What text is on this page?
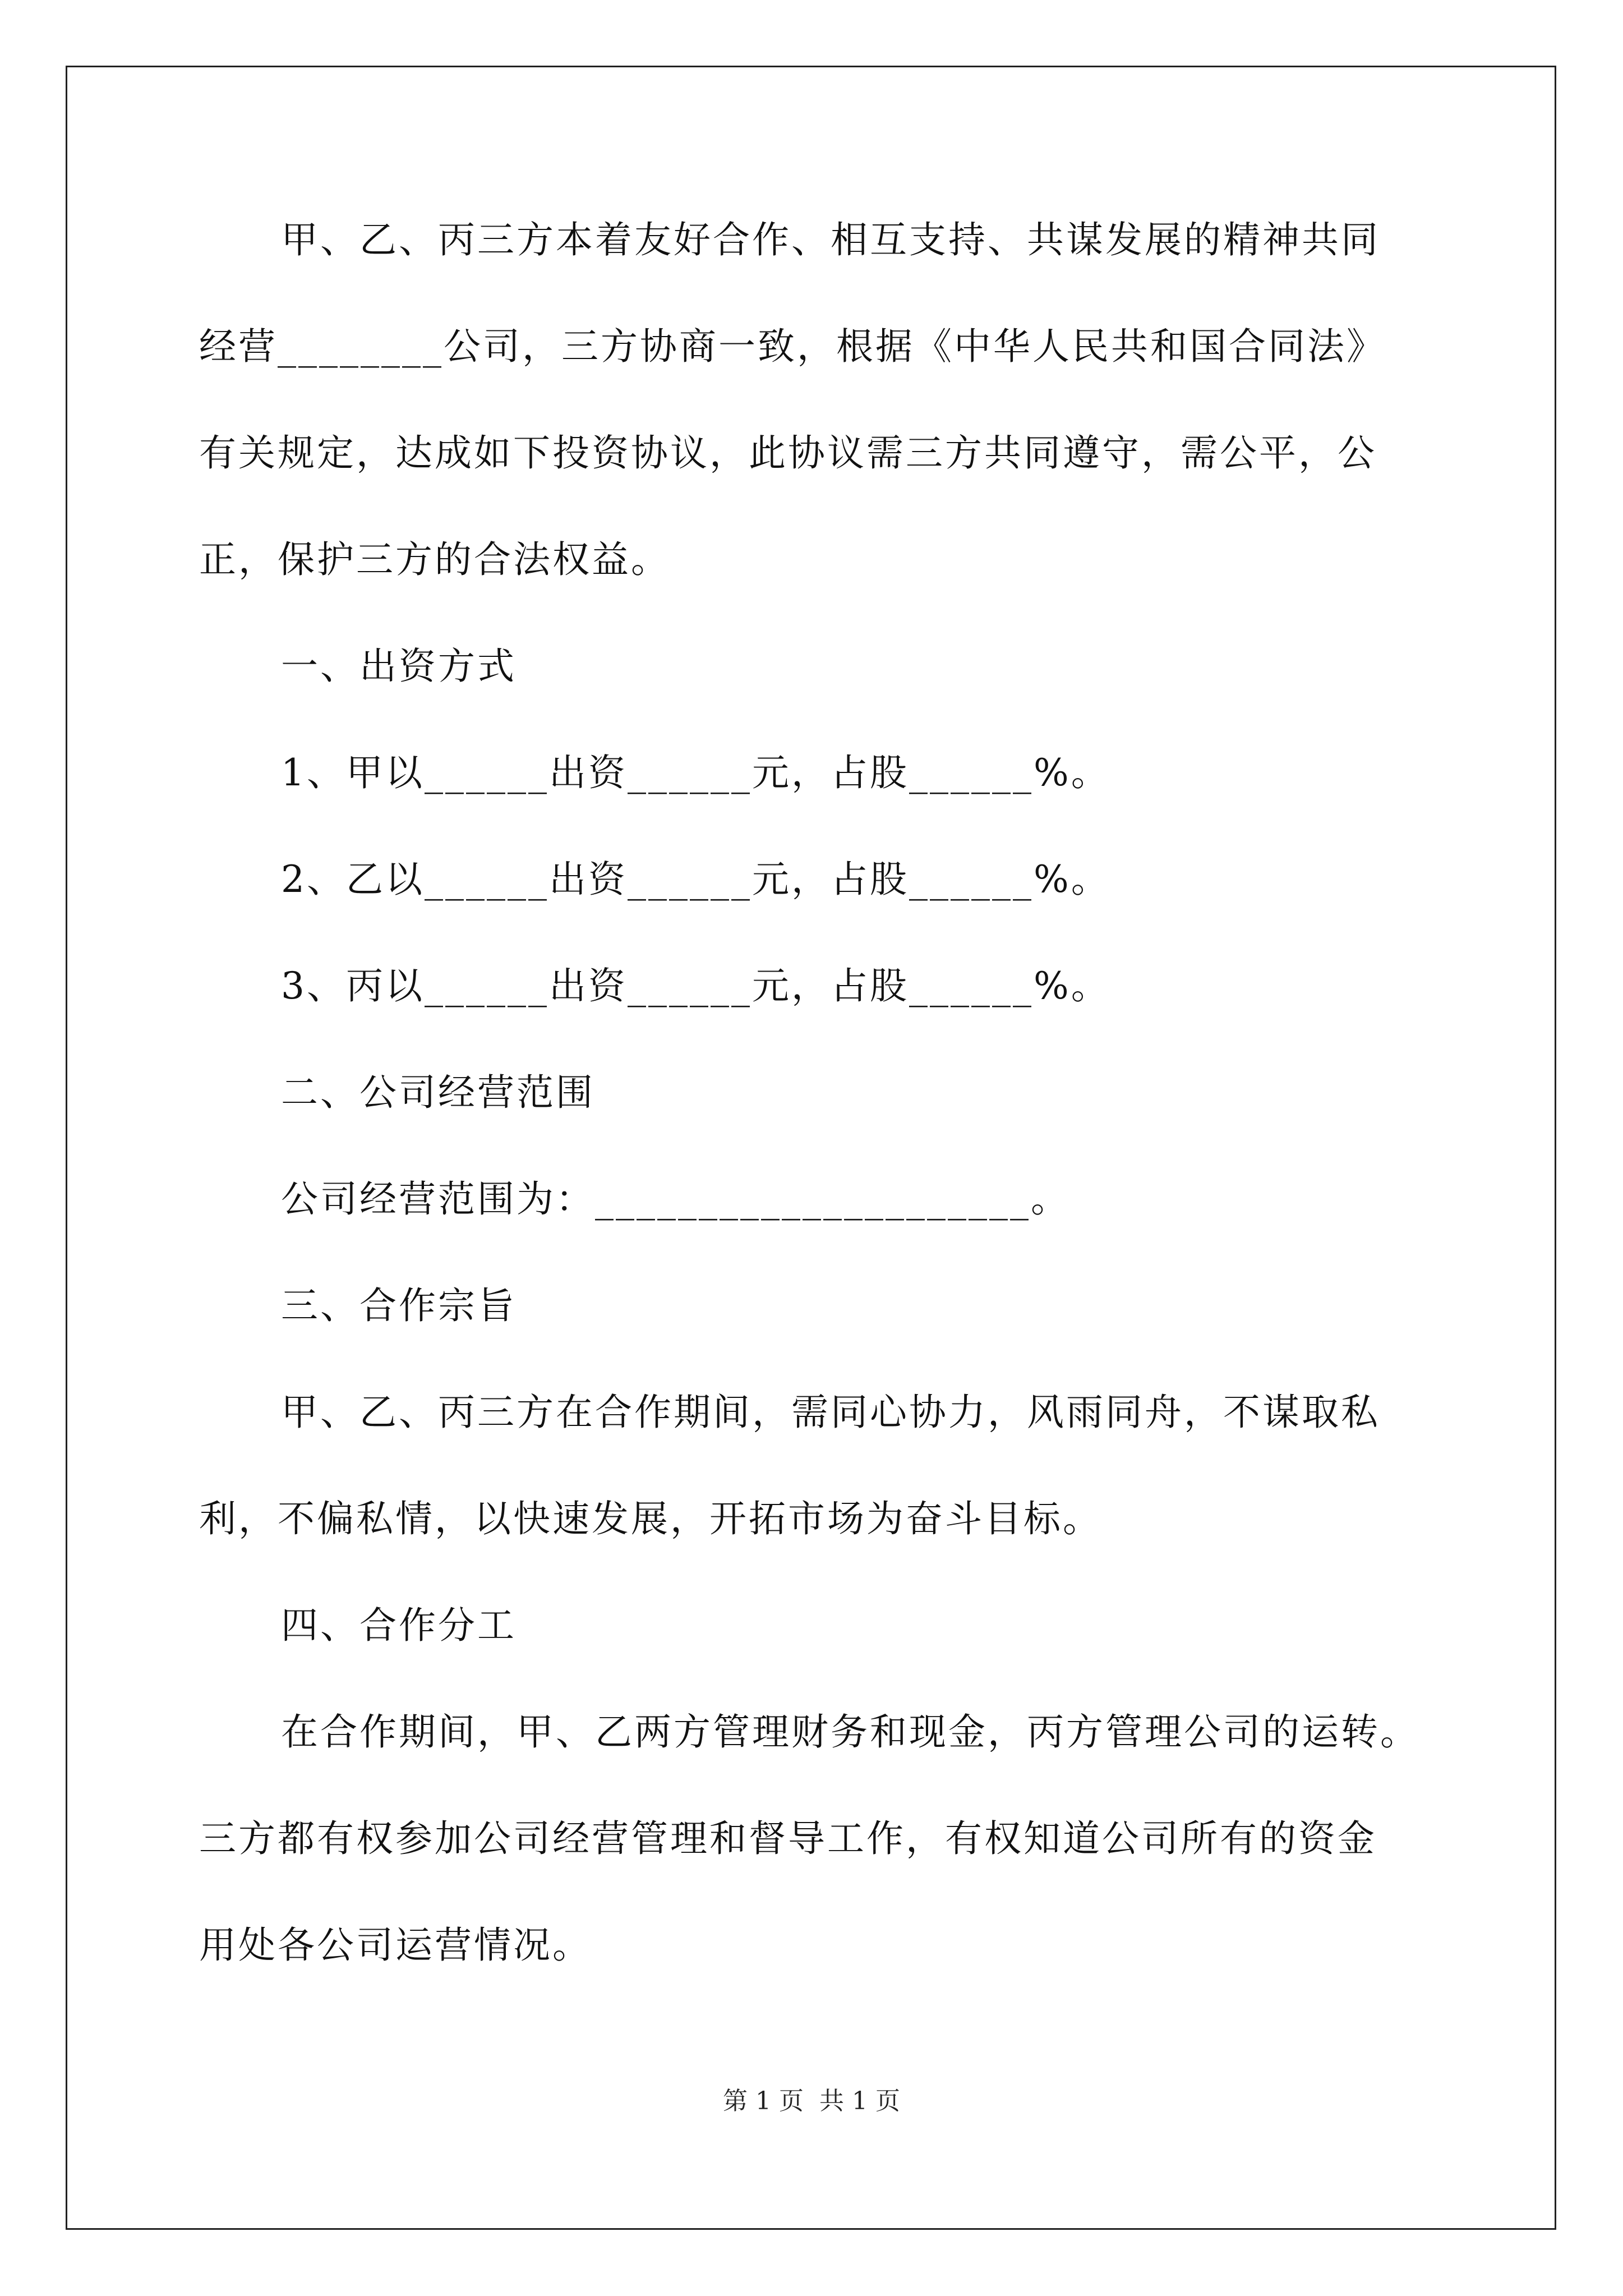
甲、乙、丙三方本着友好合作、相互支持、共谋发展的精神共同
经营________公司，三方协商一致，根据《中华人民共和国合同法》
有关规定，达成如下投资协议，此协议需三方共同遵守，需公平，公
正，保护三方的合法权益。
一、出资方式
1、甲以______出资______元，占股______%。
2、乙以______出资______元，占股______%。
3、丙以______出资______元，占股______%。
二、公司经营范围
公司经营范围为：_____________________。
三、合作宗旨
甲、乙、丙三方在合作期间，需同心协力，风雨同舟，不谋取私
利，不偏私情，以快速发展，开拓市场为奋斗目标。
四、合作分工
在合作期间，甲、乙两方管理财务和现金，丙方管理公司的运转。
三方都有权参加公司经营管理和督导工作，有权知道公司所有的资金
用处各公司运营情况。
第 1 页 共 1 页
